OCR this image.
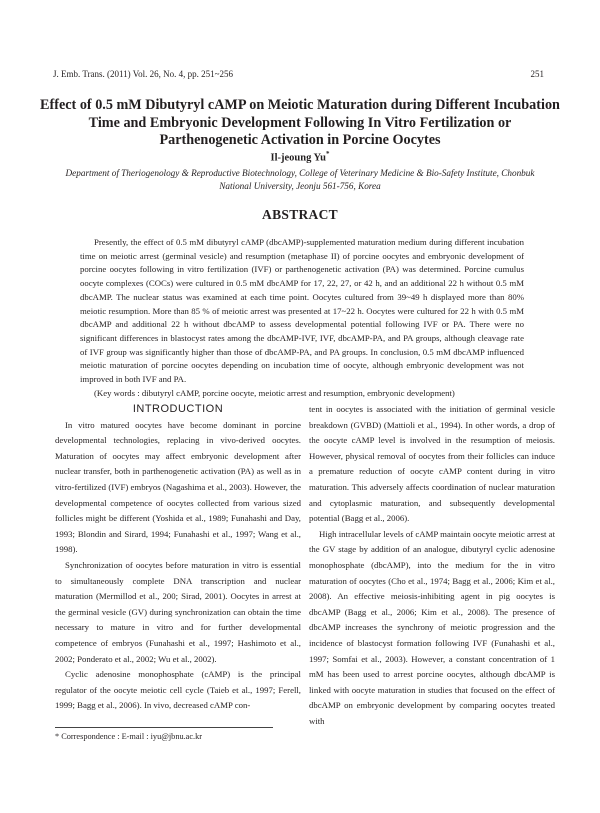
J. Emb. Trans. (2011) Vol. 26, No. 4, pp. 251~256	251
Effect of 0.5 mM Dibutyryl cAMP on Meiotic Maturation during Different Incubation Time and Embryonic Development Following In Vitro Fertilization or Parthenogenetic Activation in Porcine Oocytes
Il-jeoung Yu*
Department of Theriogenology & Reproductive Biotechnology, College of Veterinary Medicine & Bio-Safety Institute, Chonbuk National University, Jeonju 561-756, Korea
ABSTRACT
Presently, the effect of 0.5 mM dibutyryl cAMP (dbcAMP)-supplemented maturation medium during different incubation time on meiotic arrest (germinal vesicle) and resumption (metaphase II) of porcine oocytes and embryonic development of porcine oocytes following in vitro fertilization (IVF) or parthenogenetic activation (PA) was determined. Porcine cumulus oocyte complexes (COCs) were cultured in 0.5 mM dbcAMP for 17, 22, 27, or 42 h, and an additional 22 h without 0.5 mM dbcAMP. The nuclear status was examined at each time point. Oocytes cultured from 39~49 h displayed more than 80% meiotic resumption. More than 85 % of meiotic arrest was presented at 17~22 h. Oocytes were cultured for 22 h with 0.5 mM dbcAMP and additional 22 h without dbcAMP to assess developmental potential following IVF or PA. There were no significant differences in blastocyst rates among the dbcAMP-IVF, IVF, dbcAMP-PA, and PA groups, although cleavage rate of IVF group was significantly higher than those of dbcAMP-PA, and PA groups. In conclusion, 0.5 mM dbcAMP influenced meiotic maturation of porcine oocytes depending on incubation time of oocyte, although embryonic development was not improved in both IVF and PA.
(Key words : dibutyryl cAMP, porcine oocyte, meiotic arrest and resumption, embryonic development)

INTRODUCTION

In vitro matured oocytes have become dominant in porcine developmental technologies, replacing in vivo-derived oocytes. Maturation of oocytes may affect embryonic development after nuclear transfer, both in parthenogenetic activation (PA) as well as in vitro-fertilized (IVF) embryos (Nagashima et al., 2003). However, the developmental competence of oocytes collected from various sized follicles might be different (Yoshida et al., 1989; Funahashi and Day, 1993; Blondin and Sirard, 1994; Funahashi et al., 1997; Wang et al., 1998).

Synchronization of oocytes before maturation in vitro is essential to simultaneously complete DNA transcription and nuclear maturation (Mermillod et al., 200; Sirad, 2001). Oocytes in arrest at the germinal vesicle (GV) during synchronization can obtain the time necessary to mature in vitro and for further developmental competence of embryos (Funahashi et al., 1997; Hashimoto et al., 2002; Ponderato et al., 2002; Wu et al., 2002).

Cyclic adenosine monophosphate (cAMP) is the principal regulator of the oocyte meiotic cell cycle (Taieb et al., 1997; Ferell, 1999; Bagg et al., 2006). In vivo, decreased cAMP con-

tent in oocytes is associated with the initiation of germinal vesicle breakdown (GVBD) (Mattioli et al., 1994). In other words, a drop of the oocyte cAMP level is involved in the resumption of meiosis. However, physical removal of oocytes from their follicles can induce a premature reduction of oocyte cAMP content during in vitro maturation. This adversely affects coordination of nuclear maturation and cytoplasmic maturation, and subsequently developmental potential (Bagg et al., 2006).

High intracellular levels of cAMP maintain oocyte meiotic arrest at the GV stage by addition of an analogue, dibutyryl cyclic adenosine monophosphate (dbcAMP), into the medium for the in vitro maturation of oocytes (Cho et al., 1974; Bagg et al., 2006; Kim et al., 2008). An effective meiosis-inhibiting agent in pig oocytes is dbcAMP (Bagg et al., 2006; Kim et al., 2008). The presence of dbcAMP increases the synchrony of meiotic progression and the incidence of blastocyst formation following IVF (Funahashi et al., 1997; Somfai et al., 2003). However, a constant concentration of 1 mM has been used to arrest porcine oocytes, although dbcAMP is linked with oocyte maturation in studies that focused on the effect of dbcAMP on embryonic development by comparing oocytes treated with

* Correspondence : E-mail : iyu@jbnu.ac.kr
